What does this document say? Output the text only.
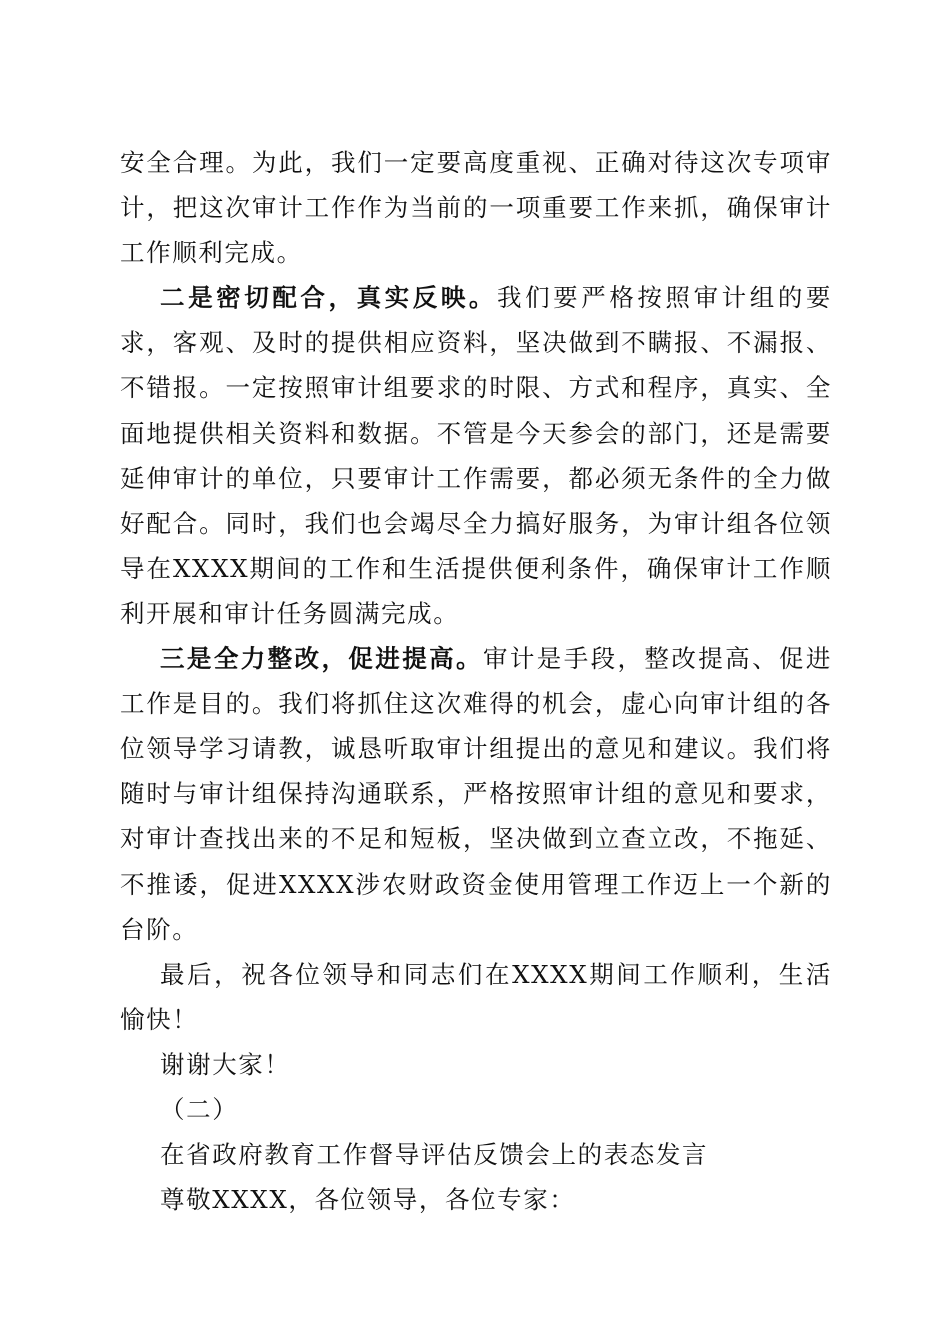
安全合理。为此，我们一定要高度重视、正确对待这次专项审计，把这次审计工作作为当前的一项重要工作来抓，确保审计工作顺利完成。

二是密切配合，真实反映。我们要严格按照审计组的要求，客观、及时的提供相应资料，坚决做到不瞒报、不漏报、不错报。一定按照审计组要求的时限、方式和程序，真实、全面地提供相关资料和数据。不管是今天参会的部门，还是需要延伸审计的单位，只要审计工作需要，都必须无条件的全力做好配合。同时，我们也会竭尽全力搞好服务，为审计组各位领导在XXXX期间的工作和生活提供便利条件，确保审计工作顺利开展和审计任务圆满完成。

三是全力整改，促进提高。审计是手段，整改提高、促进工作是目的。我们将抓住这次难得的机会，虚心向审计组的各位领导学习请教，诚恳听取审计组提出的意见和建议。我们将随时与审计组保持沟通联系，严格按照审计组的意见和要求，对审计查找出来的不足和短板，坚决做到立查立改，不拖延、不推诿，促进XXXX涉农财政资金使用管理工作迈上一个新的台阶。

最后，祝各位领导和同志们在XXXX期间工作顺利，生活愉快！

谢谢大家！

（二）

在省政府教育工作督导评估反馈会上的表态发言

尊敬XXXX，各位领导，各位专家：
